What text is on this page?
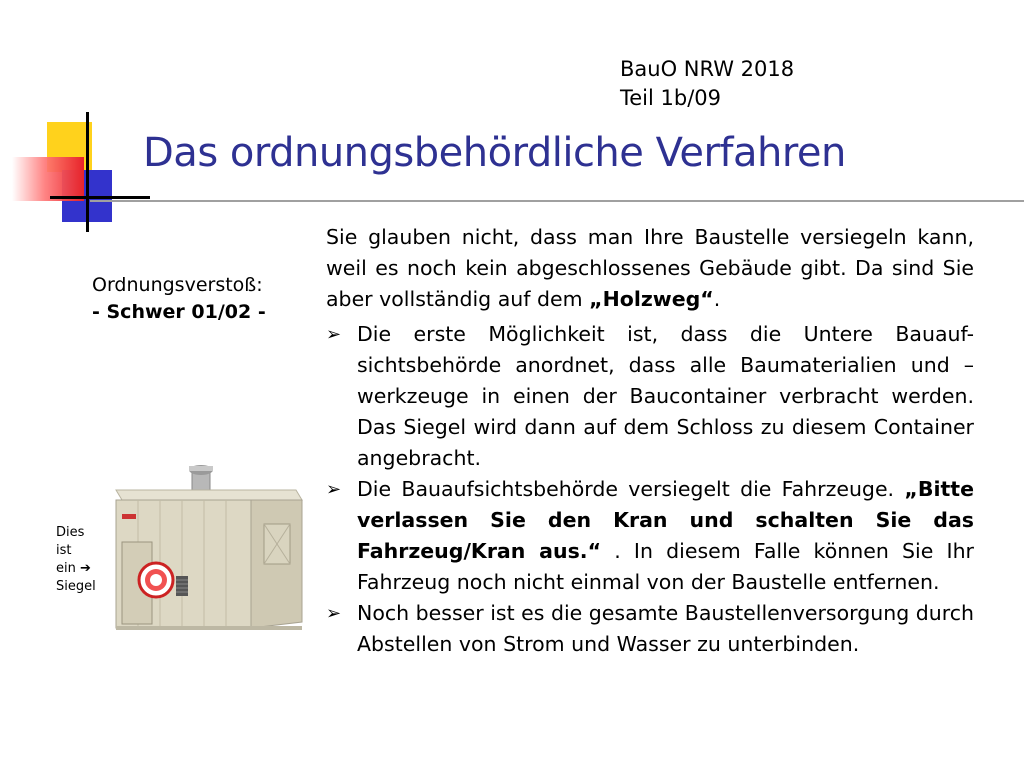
BauO NRW 2018
Teil 1b/09
Das ordnungsbehördliche Verfahren
Ordnungsverstoß:
- Schwer 01/02 -

Sie glauben nicht, dass man Ihre Baustelle versiegeln kann, weil es noch kein abgeschlossenes Gebäude gibt. Da sind Sie aber vollständig auf dem „Holzweg“.

➢ Die erste Möglichkeit ist, dass die Untere Bauauf-sichtsbehörde anordnet, dass alle Baumaterialien und –werkzeuge in einen der Baucontainer verbracht werden. Das Siegel wird dann auf dem Schloss zu diesem Container angebracht.
➢ Die Bauaufsichtsbehörde versiegelt die Fahrzeuge. „Bitte verlassen Sie den Kran und schalten Sie das Fahrzeug/Kran aus.“ . In diesem Falle können Sie Ihr Fahrzeug noch nicht einmal von der Baustelle entfernen.
➢ Noch besser ist es die gesamte Baustellenversorgung durch Abstellen von Strom und Wasser zu unterbinden.
Dies
ist
ein ➔
Siegel
